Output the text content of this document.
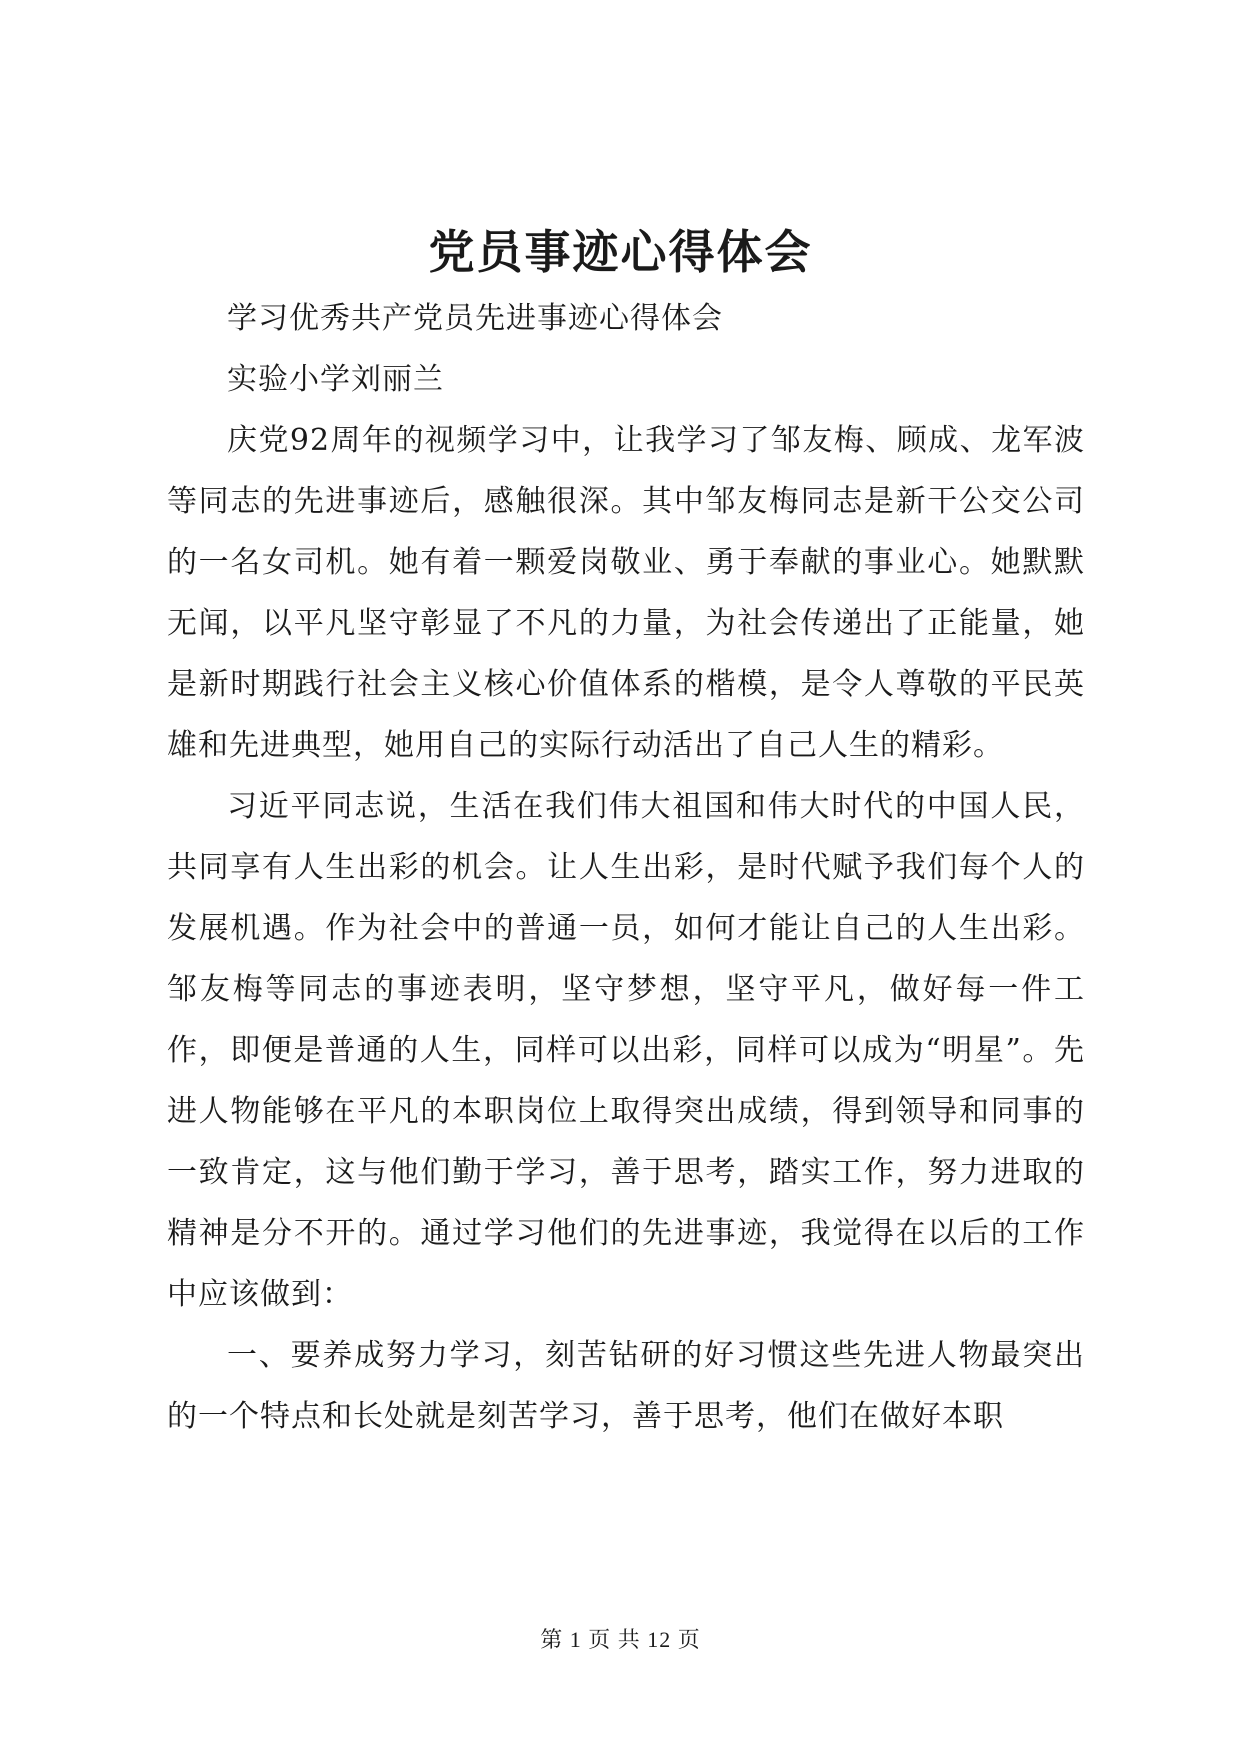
党员事迹心得体会

学习优秀共产党员先进事迹心得体会

实验小学刘丽兰

庆党92周年的视频学习中，让我学习了邹友梅、顾成、龙军波等同志的先进事迹后，感触很深。其中邹友梅同志是新干公交公司的一名女司机。她有着一颗爱岗敬业、勇于奉献的事业心。她默默无闻，以平凡坚守彰显了不凡的力量，为社会传递出了正能量，她是新时期践行社会主义核心价值体系的楷模，是令人尊敬的平民英雄和先进典型，她用自己的实际行动活出了自己人生的精彩。

习近平同志说，生活在我们伟大祖国和伟大时代的中国人民，共同享有人生出彩的机会。让人生出彩，是时代赋予我们每个人的发展机遇。作为社会中的普通一员，如何才能让自己的人生出彩。邹友梅等同志的事迹表明，坚守梦想，坚守平凡，做好每一件工作，即便是普通的人生，同样可以出彩，同样可以成为“明星”。先进人物能够在平凡的本职岗位上取得突出成绩，得到领导和同事的一致肯定，这与他们勤于学习，善于思考，踏实工作，努力进取的精神是分不开的。通过学习他们的先进事迹，我觉得在以后的工作中应该做到：

一、要养成努力学习，刻苦钻研的好习惯这些先进人物最突出的一个特点和长处就是刻苦学习，善于思考，他们在做好本职

第 1 页 共 12 页
